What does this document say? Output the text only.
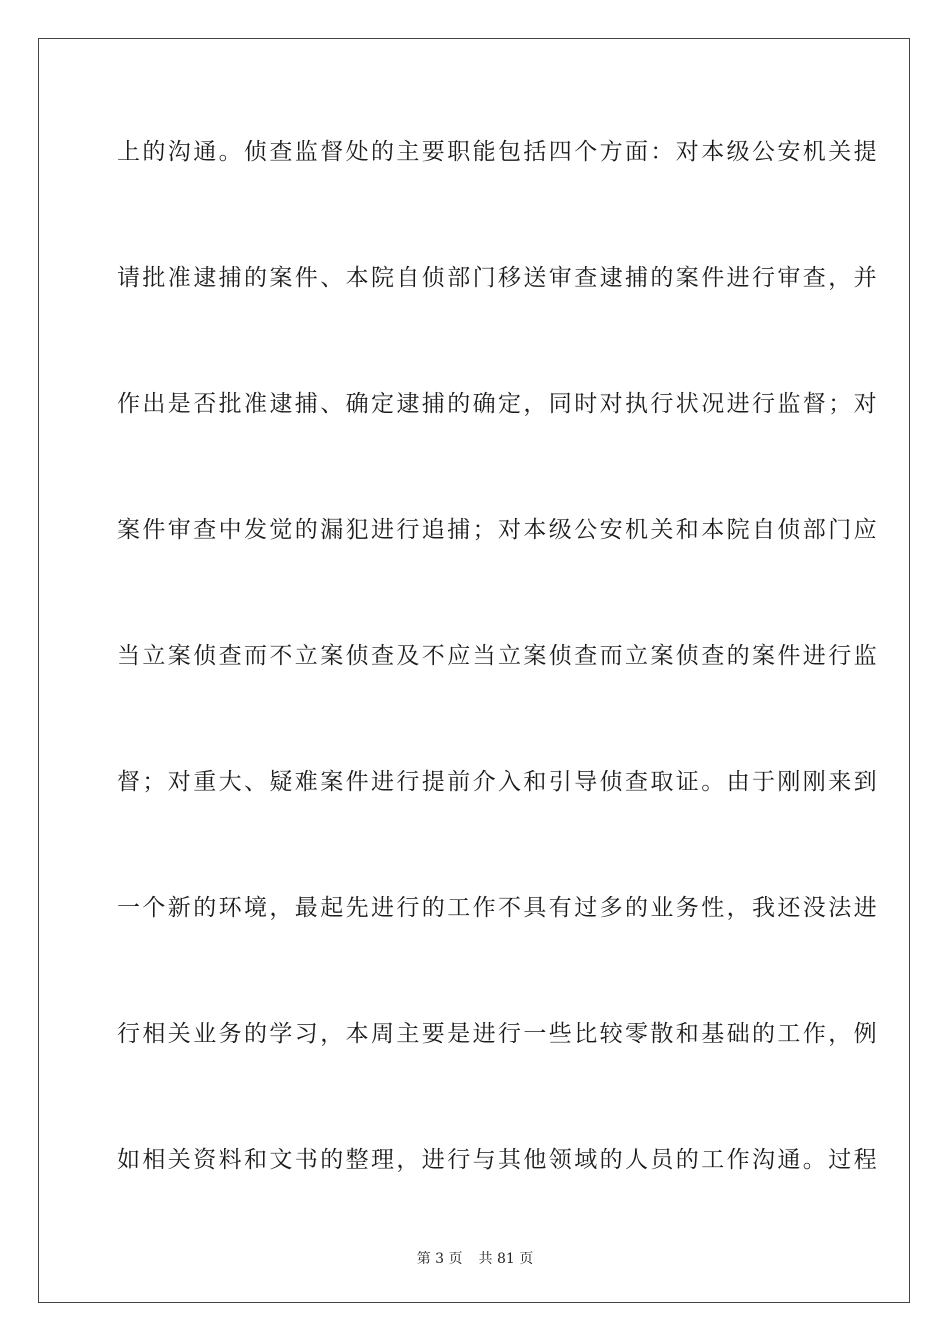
上的沟通。侦查监督处的主要职能包括四个方面：对本级公安机关提

请批准逮捕的案件、本院自侦部门移送审查逮捕的案件进行审查，并

作出是否批准逮捕、确定逮捕的确定，同时对执行状况进行监督；对

案件审查中发觉的漏犯进行追捕；对本级公安机关和本院自侦部门应

当立案侦查而不立案侦查及不应当立案侦查而立案侦查的案件进行监

督；对重大、疑难案件进行提前介入和引导侦查取证。由于刚刚来到

一个新的环境，最起先进行的工作不具有过多的业务性，我还没法进

行相关业务的学习，本周主要是进行一些比较零散和基础的工作，例

如相关资料和文书的整理，进行与其他领域的人员的工作沟通。过程

第 3 页 共 81 页
